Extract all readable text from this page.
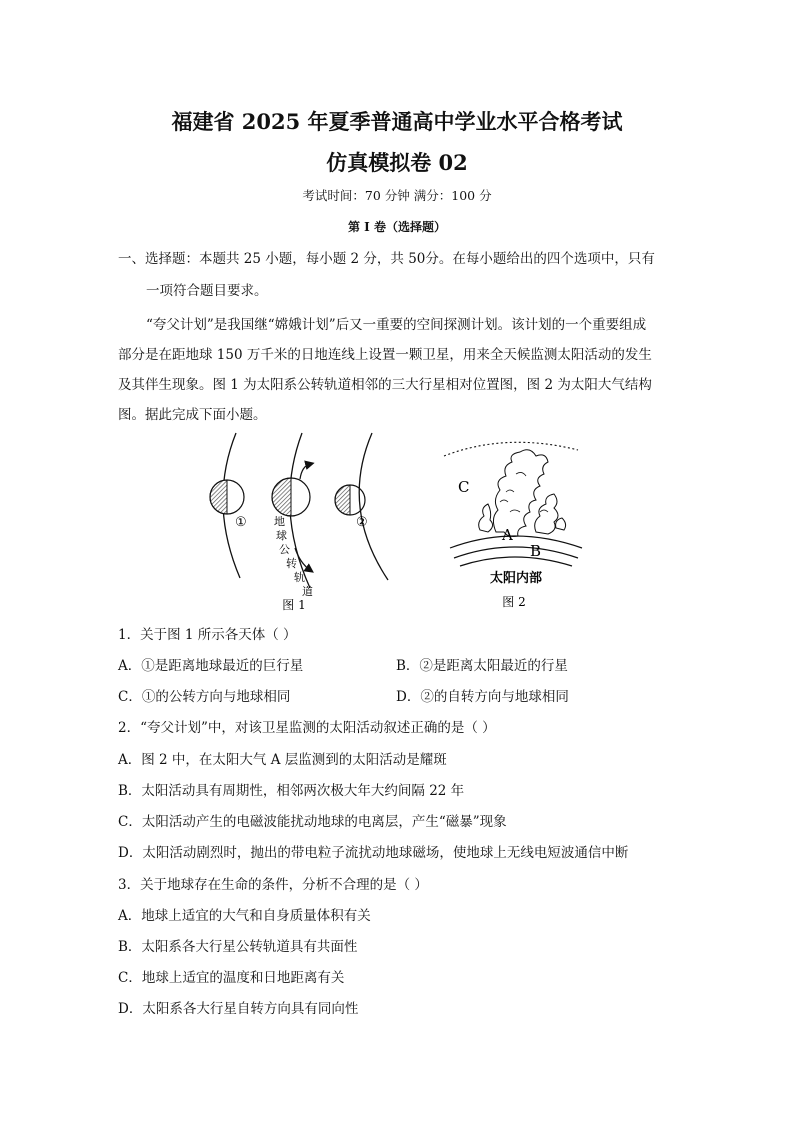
福建省 2025 年夏季普通高中学业水平合格考试
仿真模拟卷 02
考试时间：70 分钟 满分：100 分
第 I 卷（选择题）
一、选择题：本题共 25 小题，每小题 2 分，共 50分。在每小题给出的四个选项中，只有
一项符合题目要求。
“夸父计划”是我国继“嫦娥计划”后又一重要的空间探测计划。该计划的一个重要组成
部分是在距地球 150 万千米的日地连线上设置一颗卫星，用来全天候监测太阳活动的发生
及其伴生现象。图 1 为太阳系公转轨道相邻的三大行星相对位置图，图 2 为太阳大气结构
图。据此完成下面小题。
①	②
地
球
公
转
轨
道
图 1
C
A
B
太阳内部
图 2
1．关于图 1 所示各天体（ ）
A．①是距离地球最近的巨行星	B．②是距离太阳最近的行星
C．①的公转方向与地球相同	D．②的自转方向与地球相同
2．“夸父计划”中，对该卫星监测的太阳活动叙述正确的是（ ）
A．图 2 中，在太阳大气 A 层监测到的太阳活动是耀斑
B．太阳活动具有周期性，相邻两次极大年大约间隔 22 年
C．太阳活动产生的电磁波能扰动地球的电离层，产生“磁暴”现象
D．太阳活动剧烈时，抛出的带电粒子流扰动地球磁场，使地球上无线电短波通信中断
3．关于地球存在生命的条件，分析不合理的是（ ）
A．地球上适宜的大气和自身质量体积有关
B．太阳系各大行星公转轨道具有共面性
C．地球上适宜的温度和日地距离有关
D．太阳系各大行星自转方向具有同向性
